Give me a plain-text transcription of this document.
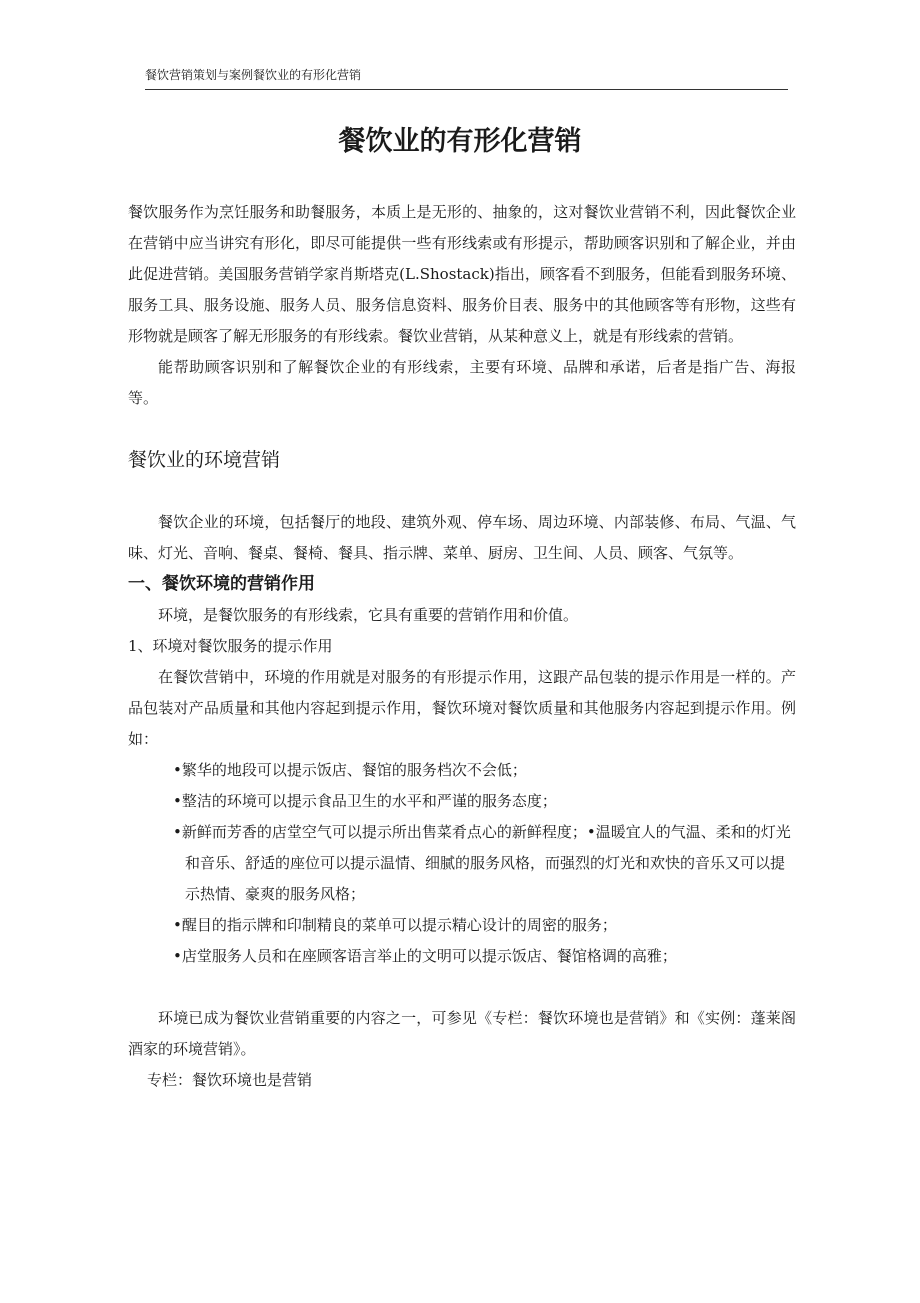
餐饮营销策划与案例餐饮业的有形化营销
餐饮业的有形化营销

餐饮服务作为烹饪服务和助餐服务，本质上是无形的、抽象的，这对餐饮业营销不利，因此餐饮企业在营销中应当讲究有形化，即尽可能提供一些有形线索或有形提示，帮助顾客识别和了解企业，并由此促进营销。美国服务营销学家肖斯塔克(L.Shostack)指出，顾客看不到服务，但能看到服务环境、服务工具、服务设施、服务人员、服务信息资料、服务价目表、服务中的其他顾客等有形物，这些有形物就是顾客了解无形服务的有形线索。餐饮业营销，从某种意义上，就是有形线索的营销。

能帮助顾客识别和了解餐饮企业的有形线索，主要有环境、品牌和承诺，后者是指广告、海报等。

餐饮业的环境营销

餐饮企业的环境，包括餐厅的地段、建筑外观、停车场、周边环境、内部装修、布局、气温、气味、灯光、音响、餐桌、餐椅、餐具、指示牌、菜单、厨房、卫生间、人员、顾客、气氛等。

一、餐饮环境的营销作用

环境，是餐饮服务的有形线索，它具有重要的营销作用和价值。

1、环境对餐饮服务的提示作用

在餐饮营销中，环境的作用就是对服务的有形提示作用，这跟产品包装的提示作用是一样的。产品包装对产品质量和其他内容起到提示作用，餐饮环境对餐饮质量和其他服务内容起到提示作用。例如：

•繁华的地段可以提示饭店、餐馆的服务档次不会低；
•整洁的环境可以提示食品卫生的水平和严谨的服务态度；
•新鲜而芳香的店堂空气可以提示所出售菜肴点心的新鲜程度；•温暖宜人的气温、柔和的灯光和音乐、舒适的座位可以提示温情、细腻的服务风格，而强烈的灯光和欢快的音乐又可以提示热情、豪爽的服务风格；
•醒目的指示牌和印制精良的菜单可以提示精心设计的周密的服务；
•店堂服务人员和在座顾客语言举止的文明可以提示饭店、餐馆格调的高雅；

环境已成为餐饮业营销重要的内容之一，可参见《专栏：餐饮环境也是营销》和《实例：蓬莱阁酒家的环境营销》。

专栏：餐饮环境也是营销
